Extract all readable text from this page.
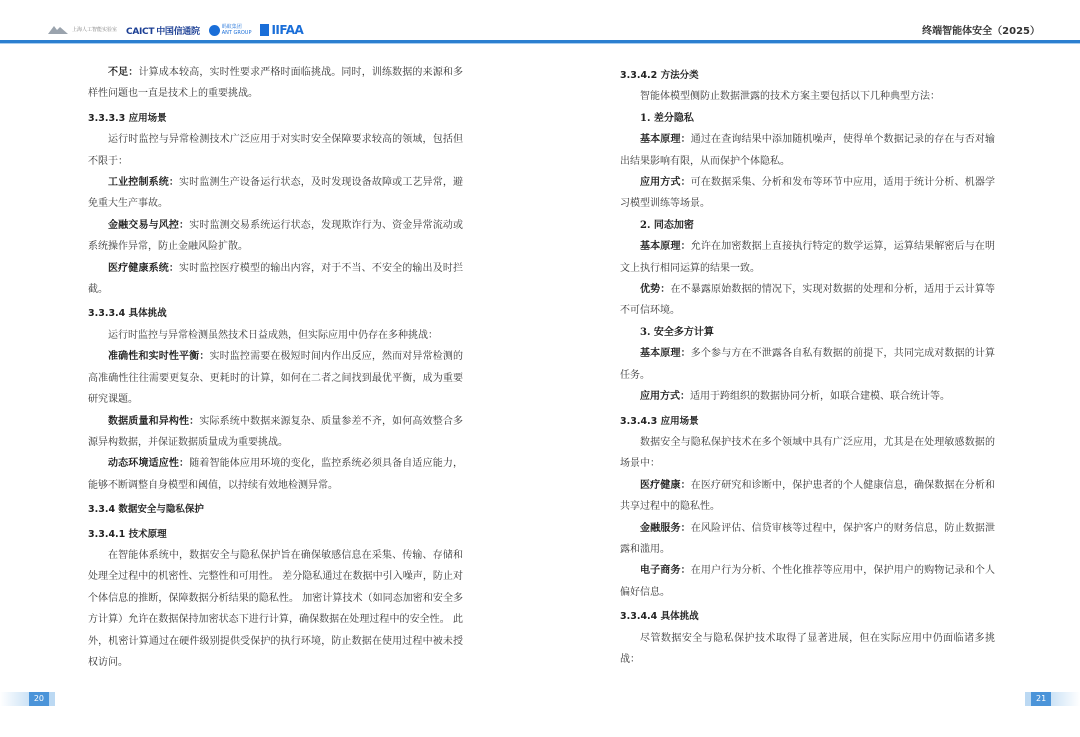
上海人工智能实验室 CAICT 中国信通院	蚂蚁集团
ANT GROUP IIFAA	终端智能体安全（2025）

不足：计算成本较高，实时性要求严格时面临挑战。同时，训练数据的来源和多样性问题也一直是技术上的重要挑战。

3.3.3.3 应用场景

运行时监控与异常检测技术广泛应用于对实时安全保障要求较高的领域，包括但不限于：

工业控制系统：实时监测生产设备运行状态，及时发现设备故障或工艺异常，避免重大生产事故。

金融交易与风控：实时监测交易系统运行状态，发现欺诈行为、资金异常流动或系统操作异常，防止金融风险扩散。

医疗健康系统：实时监控医疗模型的输出内容，对于不当、不安全的输出及时拦截。

3.3.3.4 具体挑战

运行时监控与异常检测虽然技术日益成熟，但实际应用中仍存在多种挑战：

准确性和实时性平衡：实时监控需要在极短时间内作出反应，然而对异常检测的高准确性往往需要更复杂、更耗时的计算，如何在二者之间找到最优平衡，成为重要研究课题。

数据质量和异构性：实际系统中数据来源复杂、质量参差不齐，如何高效整合多源异构数据，并保证数据质量成为重要挑战。

动态环境适应性：随着智能体应用环境的变化，监控系统必须具备自适应能力，能够不断调整自身模型和阈值，以持续有效地检测异常。

3.3.4 数据安全与隐私保护

3.3.4.1 技术原理

在智能体系统中，数据安全与隐私保护旨在确保敏感信息在采集、传输、存储和处理全过程中的机密性、完整性和可用性。 差分隐私通过在数据中引入噪声，防止对个体信息的推断，保障数据分析结果的隐私性。 加密计算技术（如同态加密和安全多方计算）允许在数据保持加密状态下进行计算，确保数据在处理过程中的安全性。 此外，机密计算通过在硬件级别提供受保护的执行环境，防止数据在使用过程中被未授权访问。

3.3.4.2 方法分类

智能体模型侧防止数据泄露的技术方案主要包括以下几种典型方法：

1. 差分隐私

基本原理：通过在查询结果中添加随机噪声，使得单个数据记录的存在与否对输出结果影响有限，从而保护个体隐私。

应用方式：可在数据采集、分析和发布等环节中应用，适用于统计分析、机器学习模型训练等场景。

2. 同态加密

基本原理：允许在加密数据上直接执行特定的数学运算，运算结果解密后与在明文上执行相同运算的结果一致。

优势：在不暴露原始数据的情况下，实现对数据的处理和分析，适用于云计算等不可信环境。

3. 安全多方计算

基本原理：多个参与方在不泄露各自私有数据的前提下，共同完成对数据的计算任务。

应用方式：适用于跨组织的数据协同分析，如联合建模、联合统计等。

3.3.4.3 应用场景

数据安全与隐私保护技术在多个领域中具有广泛应用，尤其是在处理敏感数据的场景中：

医疗健康：在医疗研究和诊断中，保护患者的个人健康信息，确保数据在分析和共享过程中的隐私性。

金融服务：在风险评估、信贷审核等过程中，保护客户的财务信息，防止数据泄露和滥用。

电子商务：在用户行为分析、个性化推荐等应用中，保护用户的购物记录和个人偏好信息。

3.3.4.4 具体挑战

尽管数据安全与隐私保护技术取得了显著进展，但在实际应用中仍面临诸多挑战：

20	21
